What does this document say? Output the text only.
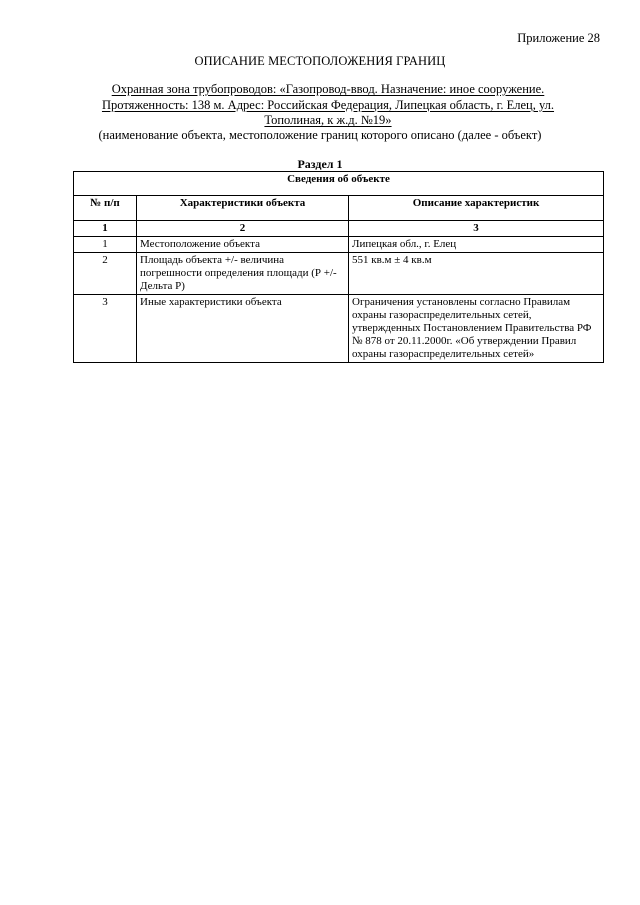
Приложение 28
ОПИСАНИЕ МЕСТОПОЛОЖЕНИЯ ГРАНИЦ
Охранная зона трубопроводов: «Газопровод-ввод. Назначение: иное сооружение.
Протяженность: 138 м. Адрес: Российская Федерация, Липецкая область, г. Елец, ул.
Тополиная, к ж.д. №19»
(наименование объекта, местоположение границ которого описано (далее - объект)
Раздел 1
Сведения об объекте		
№ п/п	Характеристики объекта	Описание характеристик
1	2	3
1	Местоположение объекта	Липецкая обл., г. Елец
2	Площадь объекта +/- величина погрешности определения площади (Р +/- Дельта Р)	551 кв.м ± 4 кв.м
3	Иные характеристики объекта	Ограничения установлены согласно Правилам охраны газораспределительных сетей, утвержденных Постановлением Правительства РФ № 878 от 20.11.2000г. «Об утверждении Правил охраны газораспределительных сетей»
